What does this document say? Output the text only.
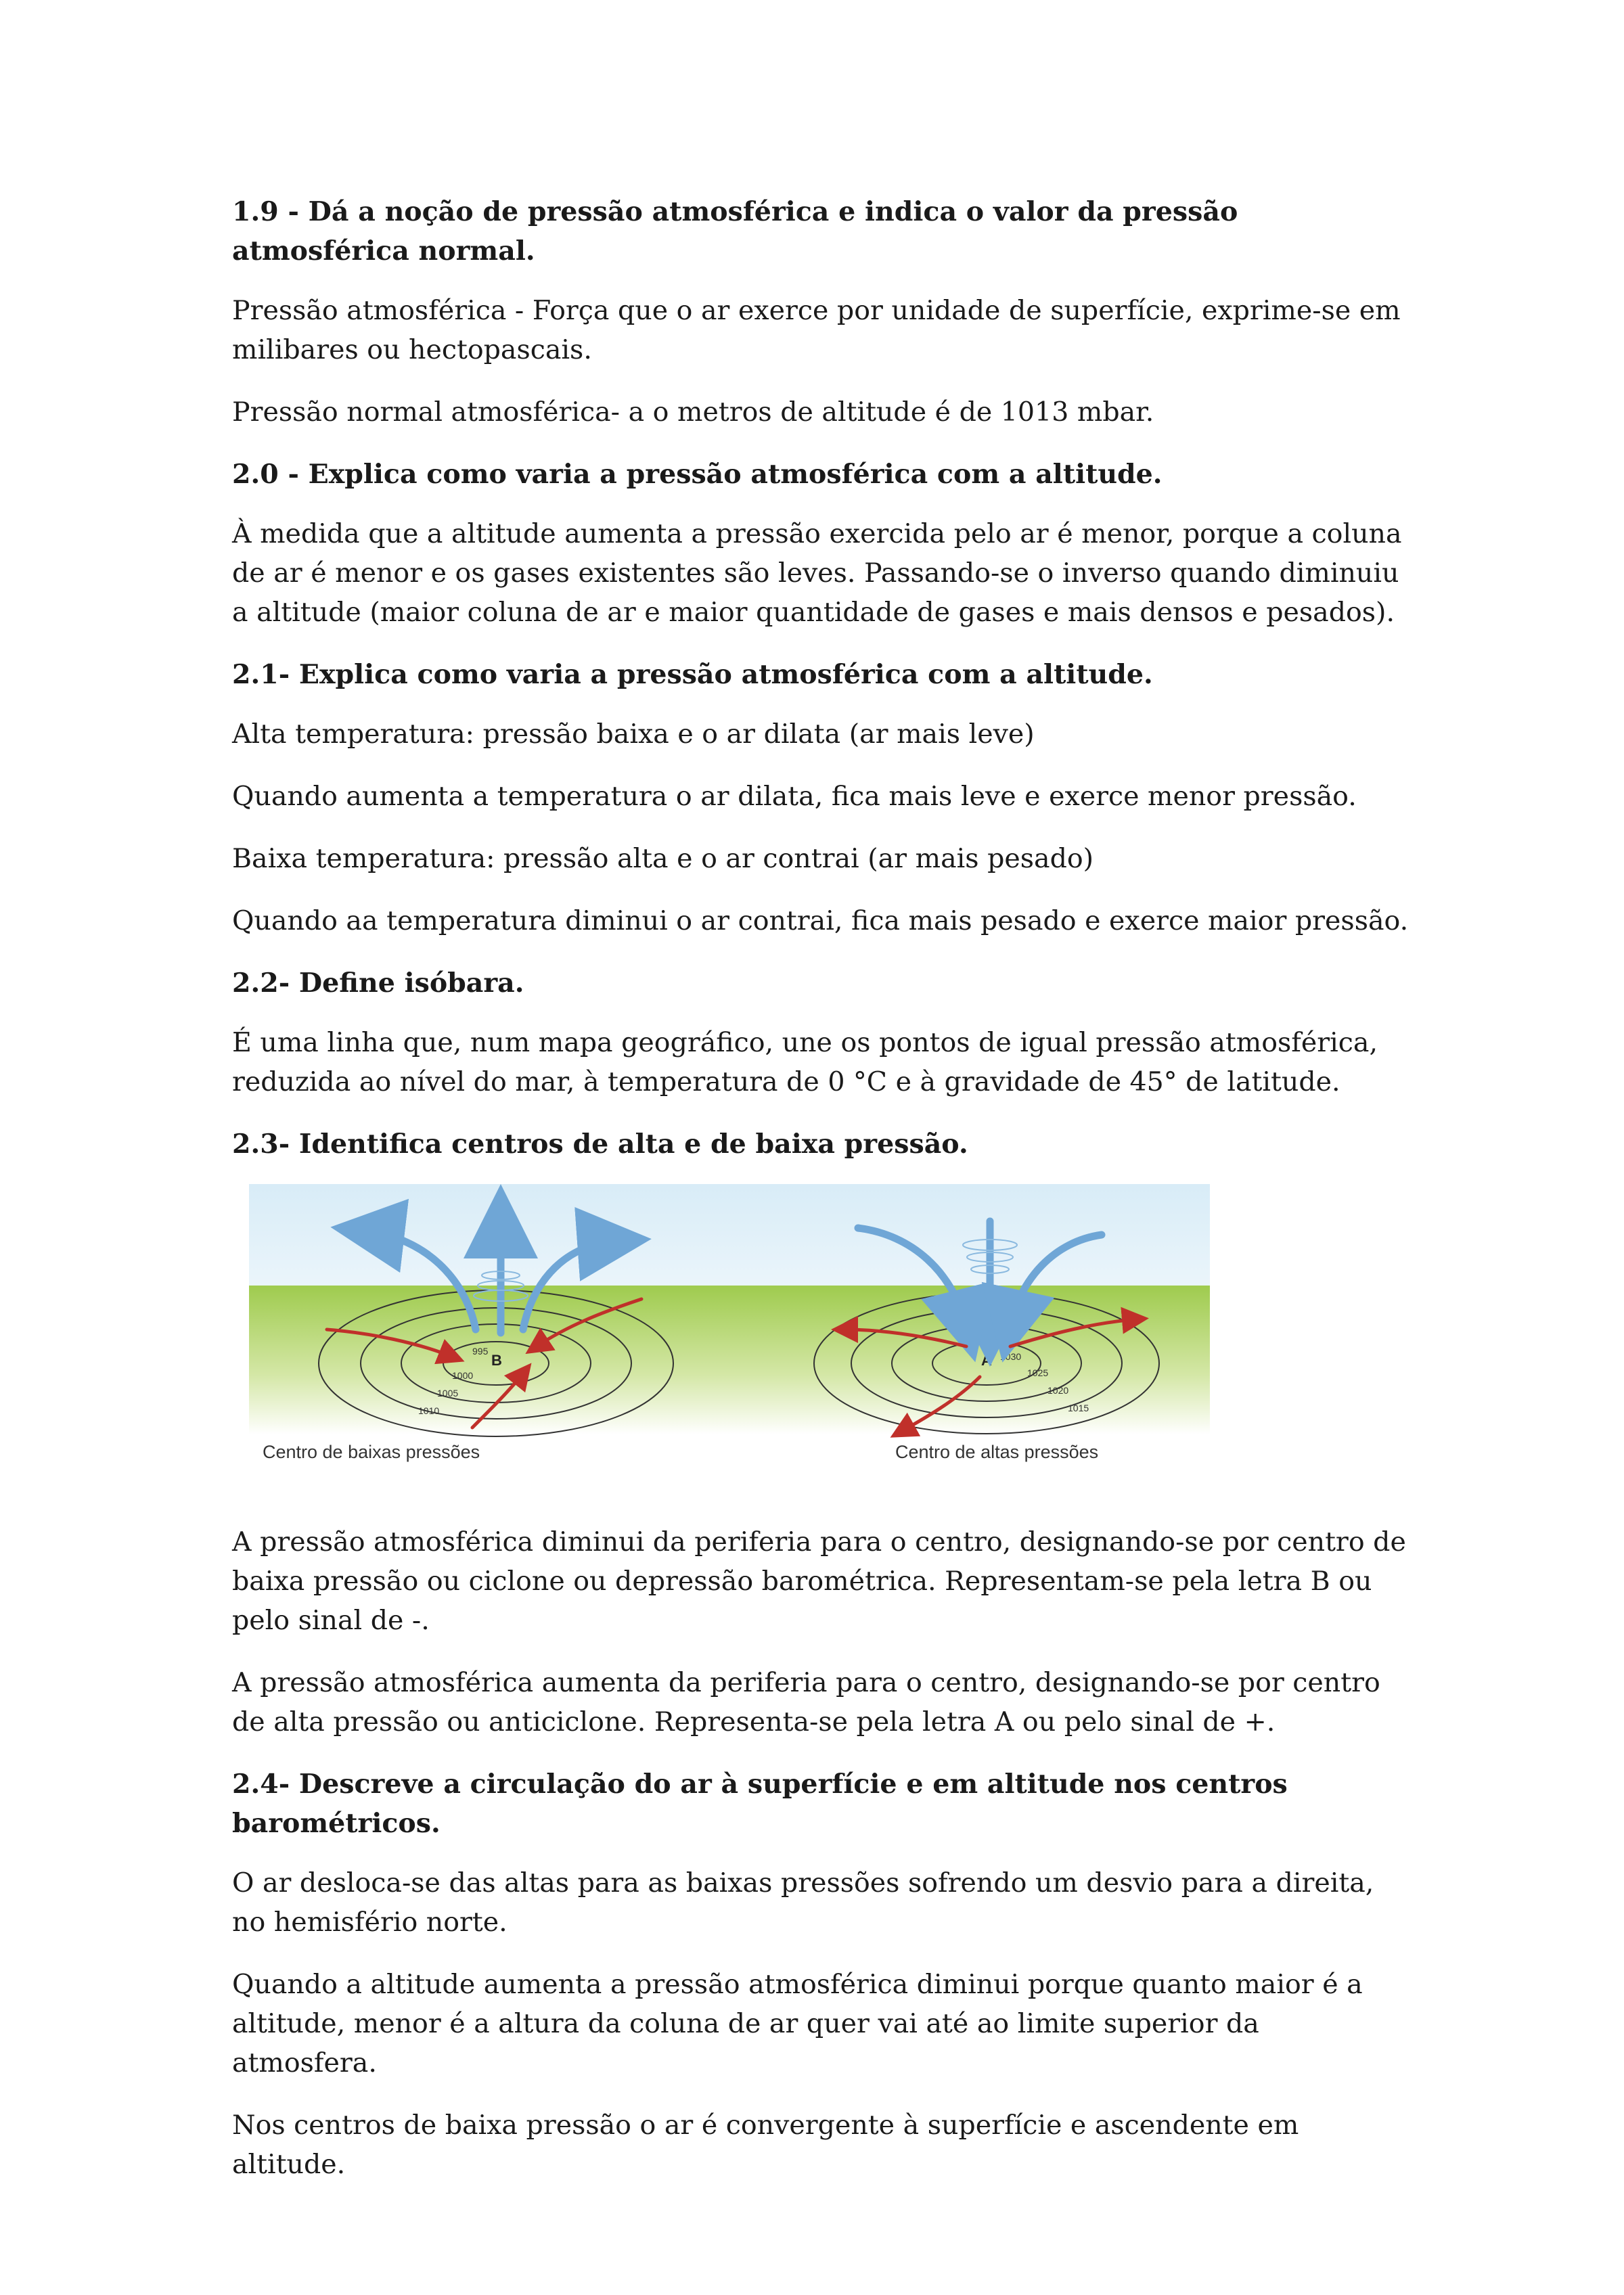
1.9 - Dá a noção de pressão atmosférica e indica o valor da pressão atmosférica normal.

Pressão atmosférica - Força que o ar exerce por unidade de superfície, exprime-se em milibares ou hectopascais.

Pressão normal atmosférica- a o metros de altitude é de 1013 mbar.

2.0 - Explica como varia a pressão atmosférica com a altitude.

À medida que a altitude aumenta a pressão exercida pelo ar é menor, porque a coluna de ar é menor e os gases existentes são leves. Passando-se o inverso quando diminuiu a altitude (maior coluna de ar e maior quantidade de gases e mais densos e pesados).

2.1- Explica como varia a pressão atmosférica com a altitude.

Alta temperatura: pressão baixa e o ar dilata (ar mais leve)

Quando aumenta a temperatura o ar dilata, fica mais leve e exerce menor pressão.

Baixa temperatura: pressão alta e o ar contrai (ar mais pesado)

Quando aa temperatura diminui o ar contrai, fica mais pesado e exerce maior pressão.

2.2- Define isóbara.

É uma linha que, num mapa geográfico, une os pontos de igual pressão atmosférica, reduzida ao nível do mar, à temperatura de 0 °C e à gravidade de 45° de latitude.

2.3- Identifica centros de alta e de baixa pressão.

B
995
1000
1005
1010
Centro de baixas pressões
A 1030
1025
1020
1015
Centro de altas pressões

A pressão atmosférica diminui da periferia para o centro, designando-se por centro de baixa pressão ou ciclone ou depressão barométrica. Representam-se pela letra B ou pelo sinal de -.

A pressão atmosférica aumenta da periferia para o centro, designando-se por centro de alta pressão ou anticiclone. Representa-se pela letra A ou pelo sinal de +.

2.4- Descreve a circulação do ar à superfície e em altitude nos centros barométricos.

O ar desloca-se das altas para as baixas pressões sofrendo um desvio para a direita, no hemisfério norte.

Quando a altitude aumenta a pressão atmosférica diminui porque quanto maior é a altitude, menor é a altura da coluna de ar quer vai até ao limite superior da atmosfera.

Nos centros de baixa pressão o ar é convergente à superfície e ascendente em altitude.
